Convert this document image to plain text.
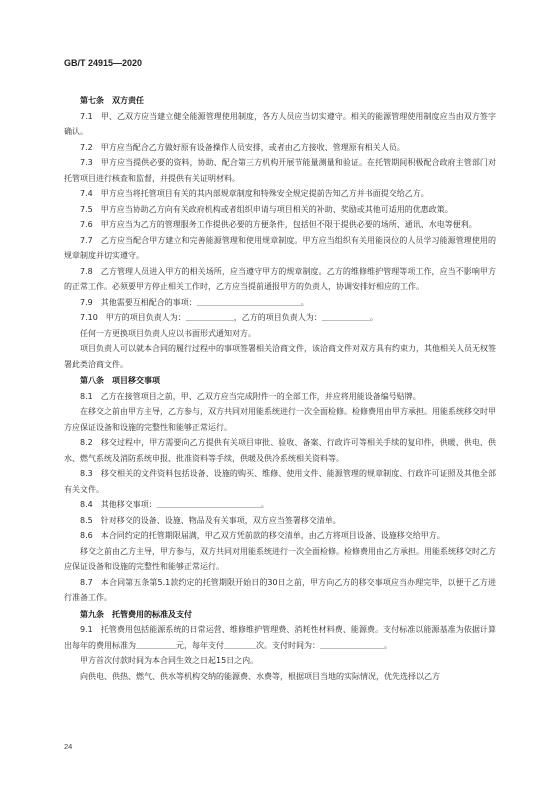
GB/T 24915—2020

第七条　双方责任

7.1　甲、乙双方应当建立健全能源管理使用制度，各方人员应当切实遵守。相关的能源管理使用制度应当由双方签字确认。

7.2　甲方应当配合乙方做好原有设备操作人员安排，或者由乙方接收、管理原有相关人员。

7.3　甲方应当提供必要的资料，协助、配合第三方机构开展节能量测量和验证。在托管期间积极配合政府主管部门对托管项目进行核查和监督，并提供有关证明材料。

7.4　甲方应当将托管项目有关的其内部规章制度和特殊安全规定提前告知乙方并书面提交给乙方。

7.5　甲方应当协助乙方向有关政府机构或者组织申请与项目相关的补助、奖励或其他可适用的优惠政策。

7.6　甲方应当为乙方的管理服务工作提供必要的方便条件，包括但不限于提供必要的场所、通讯、水电等便利。

7.7　乙方应当配合甲方建立和完善能源管理和使用规章制度。甲方应当组织有关用能岗位的人员学习能源管理使用的规章制度并切实遵守。

7.8　乙方管理人员进入甲方的相关场所，应当遵守甲方的规章制度。乙方的维修维护管理等项工作，应当不影响甲方的正常工作。必须要甲方停止相关工作时，乙方应当提前通报甲方的负责人，协调安排好相应的工作。

7.9　其他需要互相配合的事项：＿＿＿＿＿＿＿＿＿＿＿＿＿。

7.10　甲方的项目负责人为：＿＿＿＿＿＿，乙方的项目负责人为：＿＿＿＿＿＿。

任何一方更换项目负责人应以书面形式通知对方。

项目负责人可以就本合同的履行过程中的事项签署相关洽商文件，该洽商文件对双方具有约束力，其他相关人员无权签署此类洽商文件。

第八条　项目移交事项

8.1　乙方在接管项目之前，甲、乙双方应当完成附件一的全部工作，并应将用能设备编号贴牌。

在移交之前由甲方主导，乙方参与，双方共同对用能系统进行一次全面检修。检修费用由甲方承担。用能系统移交时甲方应保证设备和设施的完整性和能够正常运行。

8.2　移交过程中，甲方需要向乙方提供有关项目审批、验收、备案、行政许可等相关手续的复印件，供暖、供电、供水、燃气系统及消防系统申报、批准资料等手续，供暖及供冷系统相关资料等。

8.3　移交相关的文件资料包括设备、设施的购买、维修、使用文件、能源管理的规章制度、行政许可证照及其他全部有关文件。

8.4　其他移交事项：＿＿＿＿＿＿＿＿＿＿＿＿＿。

8.5　针对移交的设备、设施、物品及有关事项，双方应当签署移交清单。

8.6　本合同约定的托管期限届满，甲乙双方凭前款的移交清单，由乙方将项目设备、设施移交给甲方。

移交之前由乙方主导，甲方参与，双方共同对用能系统进行一次全面检修。检修费用由乙方承担。用能系统移交时乙方应保证设备和设施的完整性和能够正常运行。

8.7　本合同第五条第5.1款约定的托管期限开始日的30日之前，甲方向乙方的移交事项应当办理完毕，以便于乙方进行准备工作。

第九条　托管费用的标准及支付

9.1　托管费用包括能源系统的日常运营、维修维护管理费、消耗性材料费、能源费。支付标准以能源基准为依据计算出每年的费用标准为＿＿＿＿＿元，每年支付＿＿＿＿次。支付时间为：＿＿＿＿＿＿＿＿。

甲方首次付款时间为本合同生效之日起15日之内。

向供电、供热、燃气、供水等机构交纳的能源费、水费等，根据项目当地的实际情况，优先选择以乙方

24
